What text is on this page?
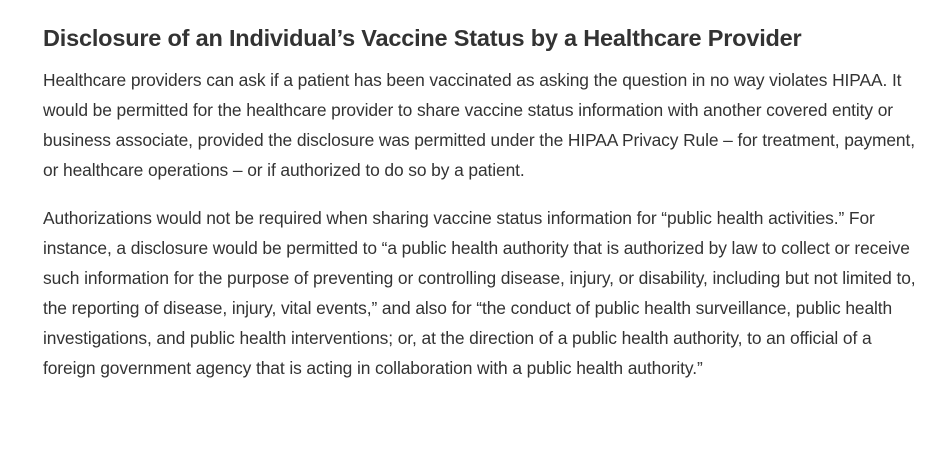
Disclosure of an Individual’s Vaccine Status by a Healthcare Provider

Healthcare providers can ask if a patient has been vaccinated as asking the question in no way violates HIPAA. It would be permitted for the healthcare provider to share vaccine status information with another covered entity or business associate, provided the disclosure was permitted under the HIPAA Privacy Rule – for treatment, payment, or healthcare operations – or if authorized to do so by a patient.

Authorizations would not be required when sharing vaccine status information for “public health activities.” For instance, a disclosure would be permitted to “a public health authority that is authorized by law to collect or receive such information for the purpose of preventing or controlling disease, injury, or disability, including but not limited to, the reporting of disease, injury, vital events,” and also for “the conduct of public health surveillance, public health investigations, and public health interventions; or, at the direction of a public health authority, to an official of a foreign government agency that is acting in collaboration with a public health authority.”
